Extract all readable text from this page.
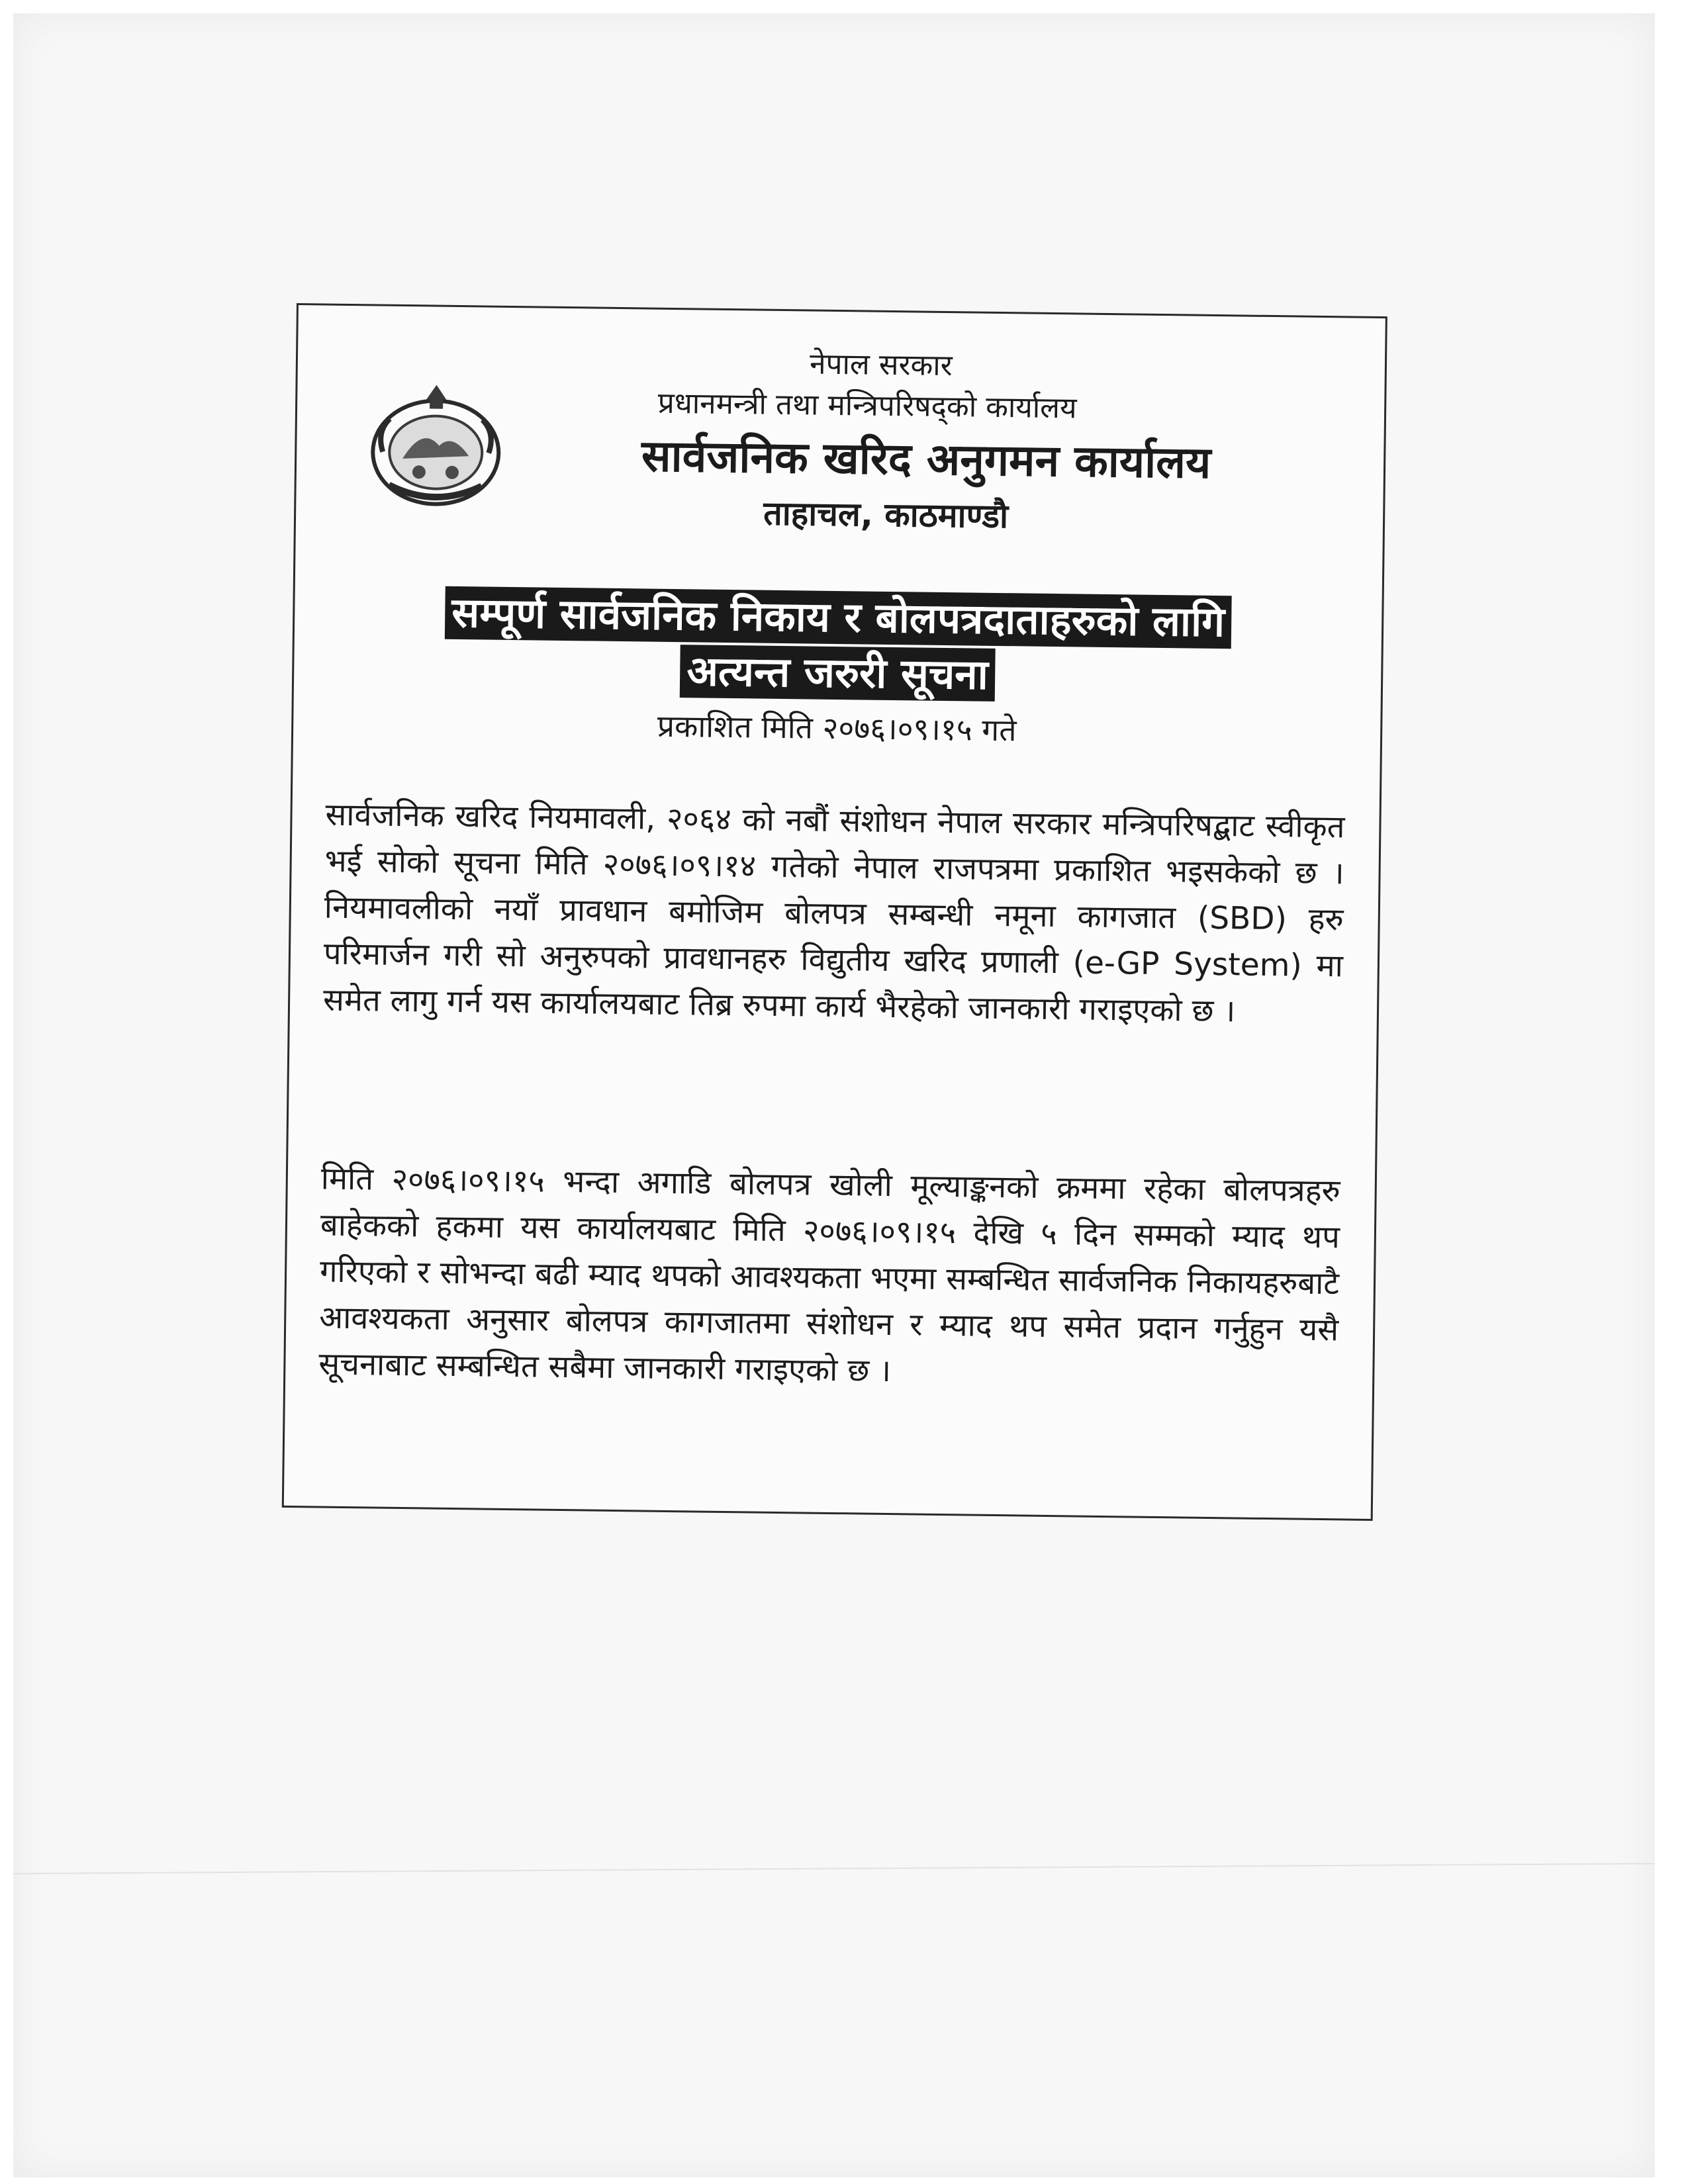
नेपाल सरकार
प्रधानमन्त्री तथा मन्त्रिपरिषद्को कार्यालय
सार्वजनिक खरिद अनुगमन कार्यालय
ताहाचल, काठमाण्डौ
सम्पूर्ण सार्वजनिक निकाय र बोलपत्रदाताहरुको लागि
अत्यन्त जरुरी सूचना
प्रकाशित मिति २०७६।०९।१५ गते

सार्वजनिक खरिद नियमावली, २०६४ को नबौं संशोधन नेपाल सरकार मन्त्रिपरिषद्बाट स्वीकृत भई सोको सूचना मिति २०७६।०९।१४ गतेको नेपाल राजपत्रमा प्रकाशित भइसकेको छ । नियमावलीको नयाँ प्रावधान बमोजिम बोलपत्र सम्बन्धी नमूना कागजात (SBD) हरु परिमार्जन गरी सो अनुरुपको प्रावधानहरु विद्युतीय खरिद प्रणाली (e-GP System) मा समेत लागु गर्न यस कार्यालयबाट तिब्र रुपमा कार्य भैरहेको जानकारी गराइएको छ ।

मिति २०७६।०९।१५ भन्दा अगाडि बोलपत्र खोली मूल्याङ्कनको क्रममा रहेका बोलपत्रहरु बाहेकको हकमा यस कार्यालयबाट मिति २०७६।०९।१५ देखि ५ दिन सम्मको म्याद थप गरिएको र सोभन्दा बढी म्याद थपको आवश्यकता भएमा सम्बन्धित सार्वजनिक निकायहरुबाटै आवश्यकता अनुसार बोलपत्र कागजातमा संशोधन र म्याद थप समेत प्रदान गर्नुहुन यसै सूचनाबाट सम्बन्धित सबैमा जानकारी गराइएको छ ।
